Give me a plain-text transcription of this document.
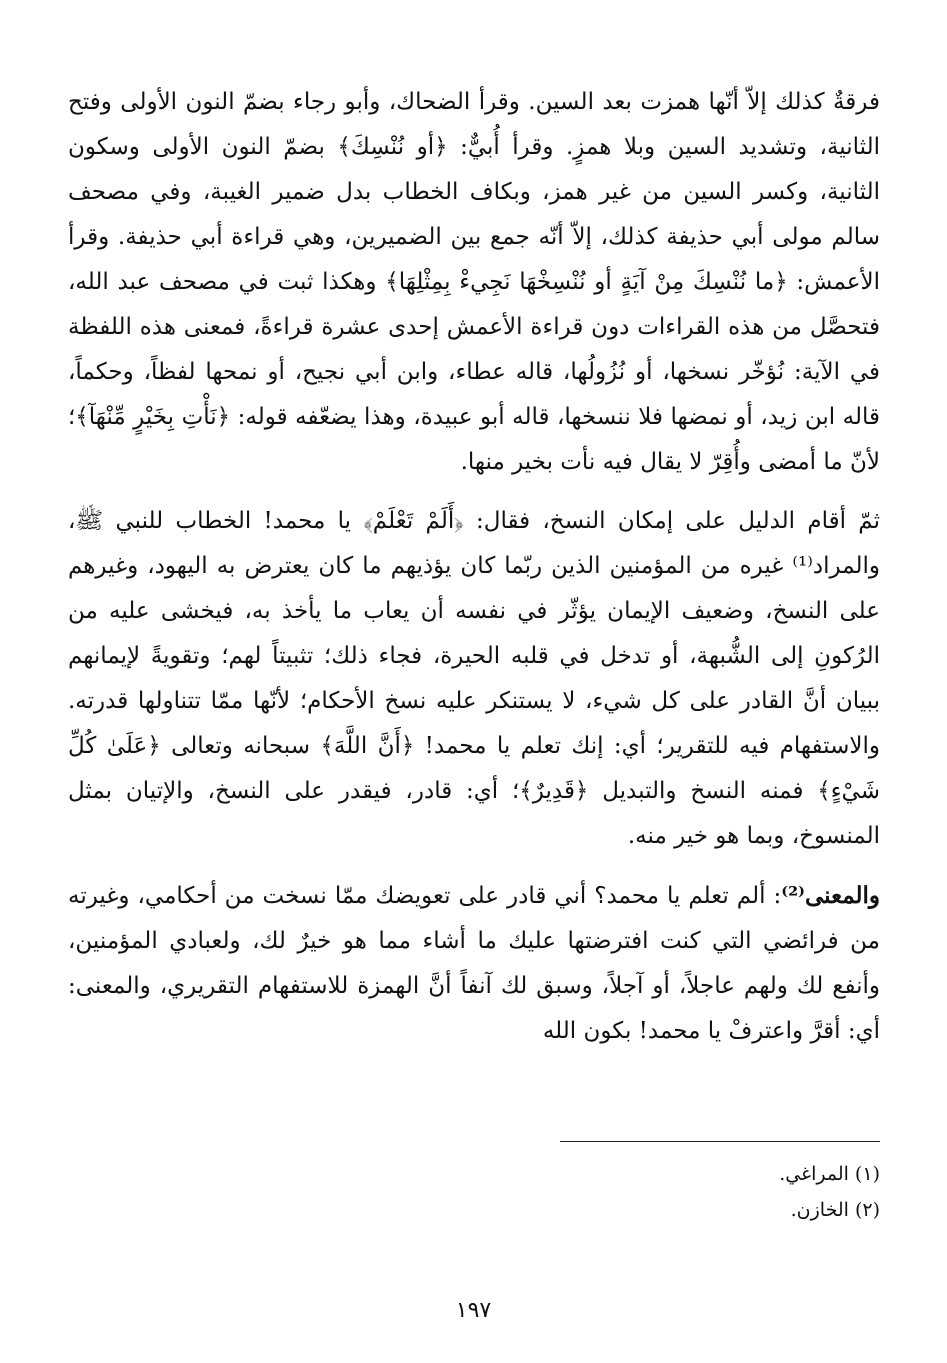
فرقةٌ كذلك إلاّ أنّها همزت بعد السين. وقرأ الضحاك، وأبو رجاء بضمّ النون الأولى وفتح الثانية، وتشديد السين وبلا همزٍ. وقرأ أُبيٌّ: ﴿أو نُنْسِكَ﴾ بضمّ النون الأولى وسكون الثانية، وكسر السين من غير همز، وبكاف الخطاب بدل ضمير الغيبة، وفي مصحف سالم مولى أبي حذيفة كذلك، إلاّ أنّه جمع بين الضميرين، وهي قراءة أبي حذيفة. وقرأ الأعمش: ﴿ما نُنْسِكَ مِنْ آيَةٍ أو نُنْسِخْهَا نَجِيءْ بِمِثْلِهَا﴾ وهكذا ثبت في مصحف عبد الله، فتحصَّل من هذه القراءات دون قراءة الأعمش إحدى عشرة قراءةً، فمعنى هذه اللفظة في الآية: نُؤخّر نسخها، أو نُزُولُها، قاله عطاء، وابن أبي نجيح، أو نمحها لفظاً، وحكماً، قاله ابن زيد، أو نمضها فلا ننسخها، قاله أبو عبيدة، وهذا يضعّفه قوله: ﴿نَأْتِ بِخَيْرٍ مِّنْهَآ﴾؛ لأنّ ما أمضى وأُقِرّ لا يقال فيه نأت بخير منها.

ثمّ أقام الدليل على إمكان النسخ، فقال: ﴿أَلَمْ تَعْلَمْ﴾ يا محمد! الخطاب للنبي ﷺ، والمراد⁽¹⁾ غيره من المؤمنين الذين ربّما كان يؤذيهم ما كان يعترض به اليهود، وغيرهم على النسخ، وضعيف الإيمان يؤثّر في نفسه أن يعاب ما يأخذ به، فيخشى عليه من الرُكونِ إلى الشُّبهة، أو تدخل في قلبه الحيرة، فجاء ذلك؛ تثبيتاً لهم؛ وتقويةً لإيمانهم ببيان أنَّ القادر على كل شيء، لا يستنكر عليه نسخ الأحكام؛ لأنّها ممّا تتناولها قدرته. والاستفهام فيه للتقرير؛ أي: إنك تعلم يا محمد! ﴿أَنَّ اللَّهَ﴾ سبحانه وتعالى ﴿عَلَىٰ كُلِّ شَيْءٍ﴾ فمنه النسخ والتبديل ﴿قَدِيرٌ﴾؛ أي: قادر، فيقدر على النسخ، والإتيان بمثل المنسوخ، وبما هو خير منه.

والمعنى⁽²⁾: ألم تعلم يا محمد؟ أني قادر على تعويضك ممّا نسخت من أحكامي، وغيرته من فرائضي التي كنت افترضتها عليك ما أشاء مما هو خيرٌ لك، ولعبادي المؤمنين، وأنفع لك ولهم عاجلاً، أو آجلاً، وسبق لك آنفاً أنَّ الهمزة للاستفهام التقريري، والمعنى: أي: أقرَّ واعترفْ يا محمد! بكون الله

(١) المراغي.

(٢) الخازن.

١٩٧
